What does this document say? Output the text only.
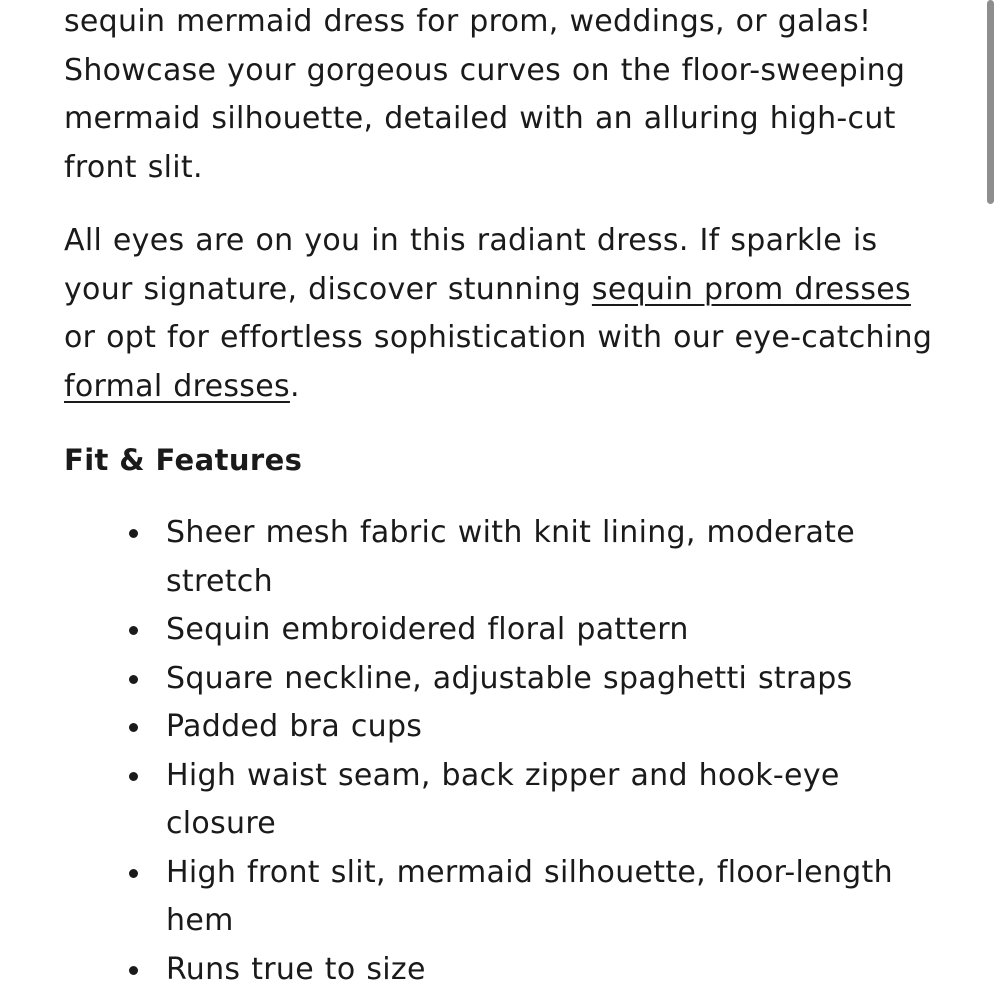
sequin mermaid dress for prom, weddings, or galas! Showcase your gorgeous curves on the floor-sweeping mermaid silhouette, detailed with an alluring high-cut front slit.

All eyes are on you in this radiant dress. If sparkle is your signature, discover stunning sequin prom dresses or opt for effortless sophistication with our eye-catching formal dresses.

Fit & Features
Sheer mesh fabric with knit lining, moderate stretch
Sequin embroidered floral pattern
Square neckline, adjustable spaghetti straps
Padded bra cups
High waist seam, back zipper and hook-eye closure
High front slit, mermaid silhouette, floor-length hem
Runs true to size
